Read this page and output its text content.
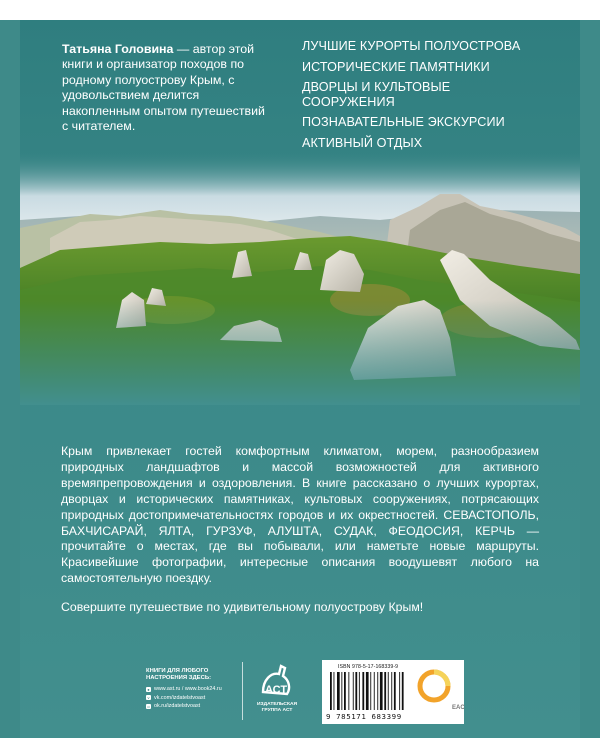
Татьяна Головина — автор этой книги и организатор походов по родному полуострову Крым, с удовольствием делится накопленным опытом путешествий с читателем.
ЛУЧШИЕ КУРОРТЫ ПОЛУОСТРОВА
ИСТОРИЧЕСКИЕ ПАМЯТНИКИ
ДВОРЦЫ И КУЛЬТОВЫЕ СООРУЖЕНИЯ
ПОЗНАВАТЕЛЬНЫЕ ЭКСКУРСИИ
АКТИВНЫЙ ОТДЫХ
Крым привлекает гостей комфортным климатом, морем, разнообразием природных ландшафтов и массой возможностей для активного времяпрепровождения и оздоровления. В книге рассказано о лучших курортах, дворцах и исторических памятниках, культовых сооружениях, потрясающих природных достопримечательностях городов и их окрестностей. СЕВАСТОПОЛЬ, БАХЧИСАРАЙ, ЯЛТА, ГУРЗУФ, АЛУШТА, СУДАК, ФЕОДОСИЯ, КЕРЧЬ — прочитайте о местах, где вы побывали, или наметьте новые маршруты. Красивейшие фотографии, интересные описания воодушевят любого на самостоятельную поездку.
Совершите путешествие по удивительному полуострову Крым!
КНИГИ ДЛЯ ЛЮБОГО НАСТРОЕНИЯ ЗДЕСЬ:
● www.ast.ru / www.book24.ru
v vk.com/izdatelstvoast
o ok.ru/izdatelstvoast
АСТ
ИЗДАТЕЛЬСКАЯ ГРУППА АСТ
ISBN 978-5-17-168339-9
9 785171 683399
EAC
